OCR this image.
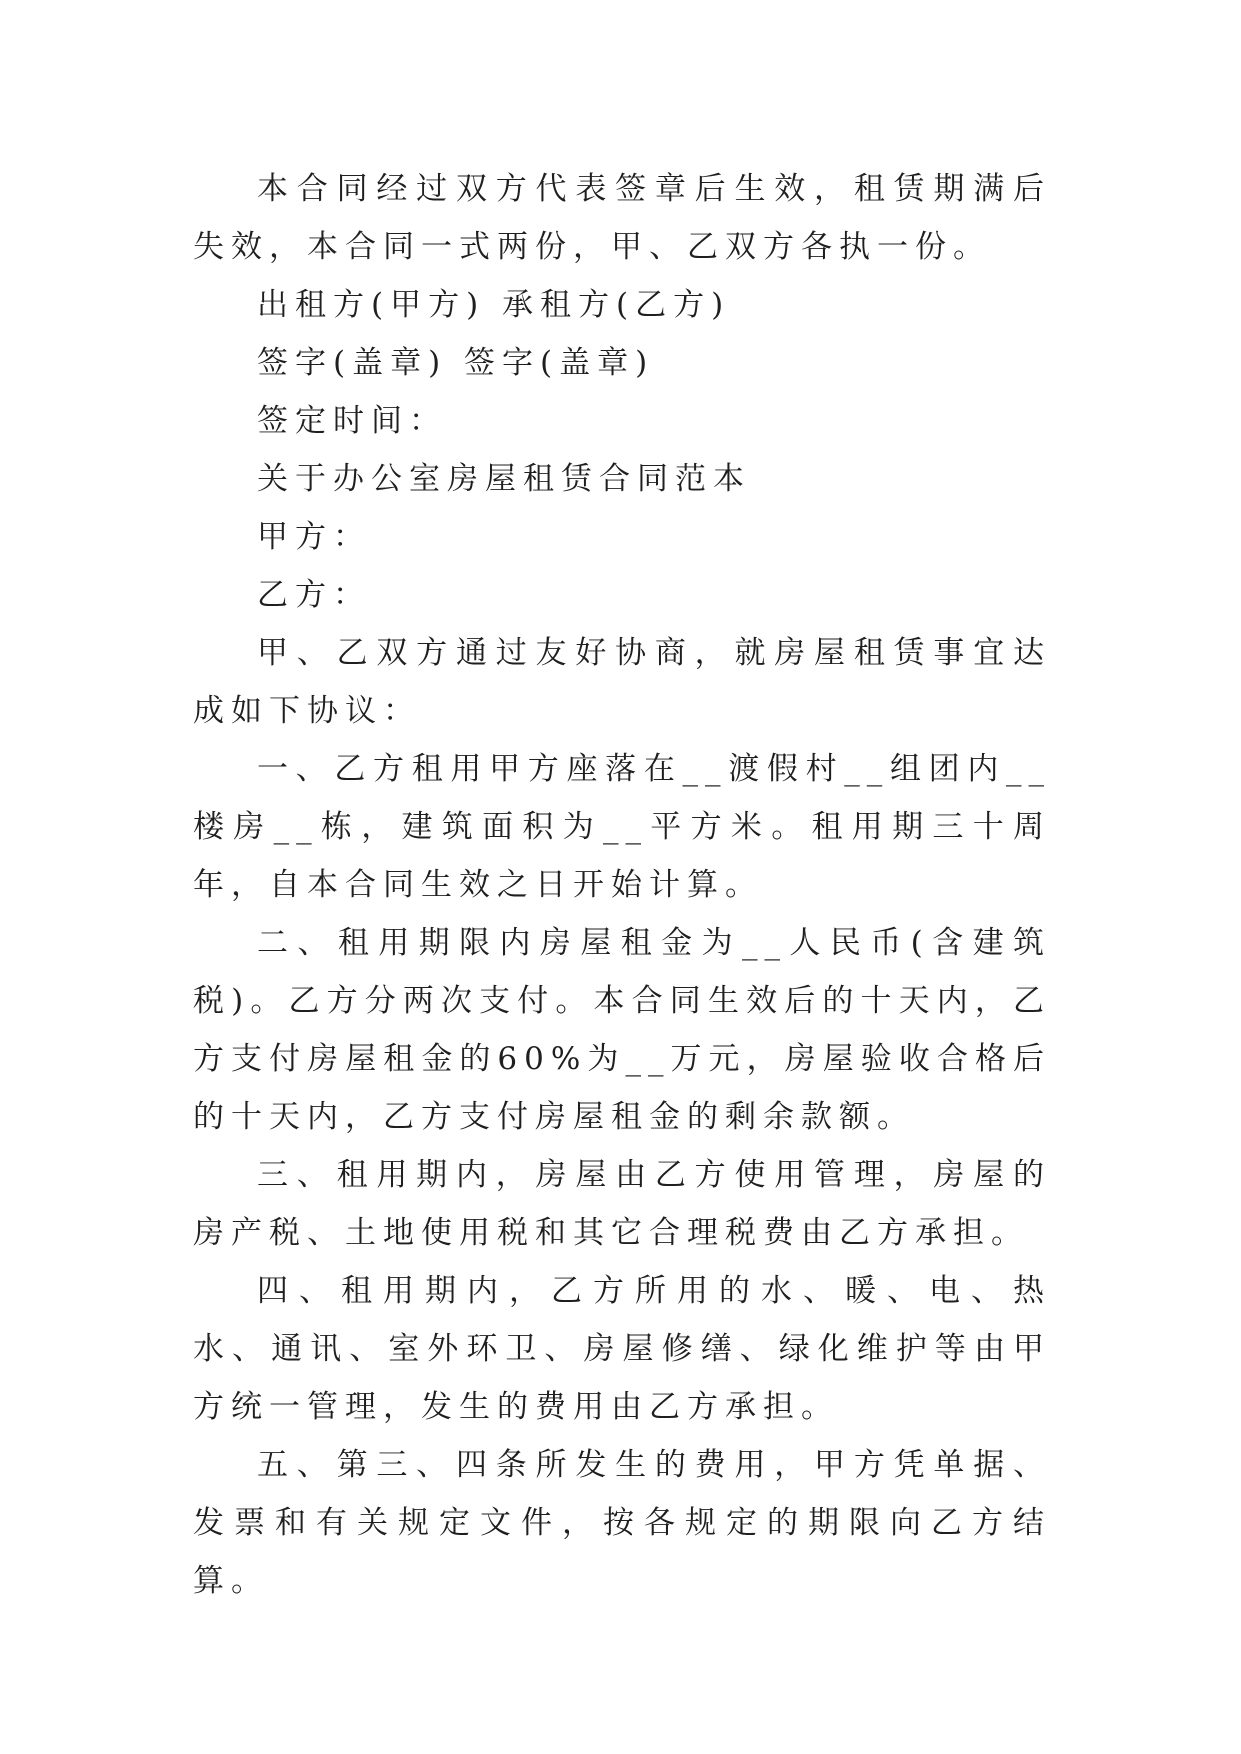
本合同经过双方代表签章后生效，租赁期满后失效，本合同一式两份，甲、乙双方各执一份。

出租方(甲方) 承租方(乙方)

签字(盖章) 签字(盖章)

签定时间：

关于办公室房屋租赁合同范本

甲方：

乙方：

甲、乙双方通过友好协商，就房屋租赁事宜达成如下协议：

一、乙方租用甲方座落在__渡假村__组团内__楼房__栋，建筑面积为__平方米。租用期三十周年，自本合同生效之日开始计算。

二、租用期限内房屋租金为__人民币(含建筑税)。乙方分两次支付。本合同生效后的十天内，乙方支付房屋租金的60%为__万元，房屋验收合格后的十天内，乙方支付房屋租金的剩余款额。

三、租用期内，房屋由乙方使用管理，房屋的房产税、土地使用税和其它合理税费由乙方承担。

四、租用期内，乙方所用的水、暖、电、热水、通讯、室外环卫、房屋修缮、绿化维护等由甲方统一管理，发生的费用由乙方承担。

五、第三、四条所发生的费用，甲方凭单据、发票和有关规定文件，按各规定的期限向乙方结算。
